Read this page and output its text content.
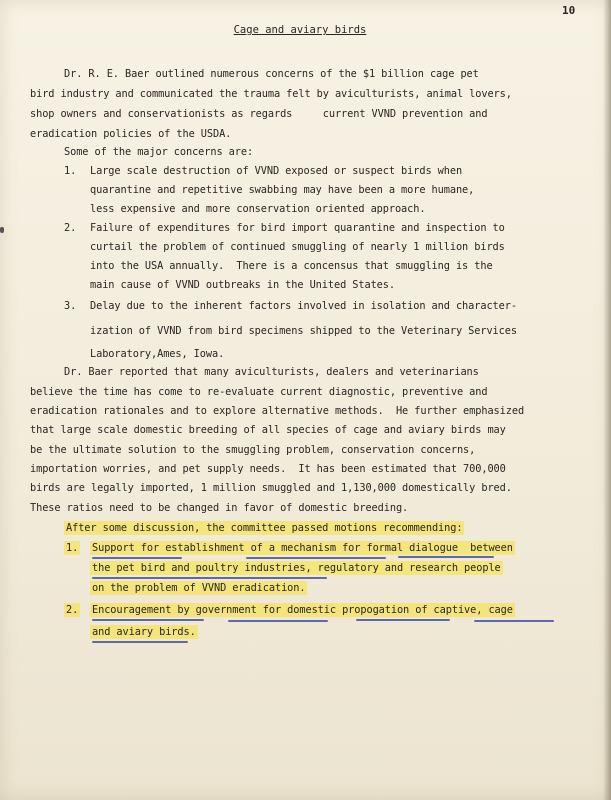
10
Cage and aviary birds
Dr. R. E. Baer outlined numerous concerns of the $1 billion cage pet
bird industry and communicated the trauma felt by aviculturists, animal lovers,
shop owners and conservationists as regards     current VVND prevention and
eradication policies of the USDA.
Some of the major concerns are:
1. Large scale destruction of VVND exposed or suspect birds when
quarantine and repetitive swabbing may have been a more humane,
less expensive and more conservation oriented approach.
2. Failure of expenditures for bird import quarantine and inspection to
curtail the problem of continued smuggling of nearly 1 million birds
into the USA annually.  There is a concensus that smuggling is the
main cause of VVND outbreaks in the United States.
3. Delay due to the inherent factors involved in isolation and character-
ization of VVND from bird specimens shipped to the Veterinary Services
Laboratory,Ames, Iowa.
Dr. Baer reported that many aviculturists, dealers and veterinarians
believe the time has come to re-evaluate current diagnostic, preventive and
eradication rationales and to explore alternative methods.  He further emphasized
that large scale domestic breeding of all species of cage and aviary birds may
be the ultimate solution to the smuggling problem, conservation concerns,
importation worries, and pet supply needs.  It has been estimated that 700,000
birds are legally imported, 1 million smuggled and 1,130,000 domestically bred.
These ratios need to be changed in favor of domestic breeding.
After some discussion, the committee passed motions recommending:
1. Support for establishment of a mechanism for formal dialogue  between
the pet bird and poultry industries, regulatory and research people
on the problem of VVND eradication.
2. Encouragement by government for domestic propogation of captive, cage
and aviary birds.
